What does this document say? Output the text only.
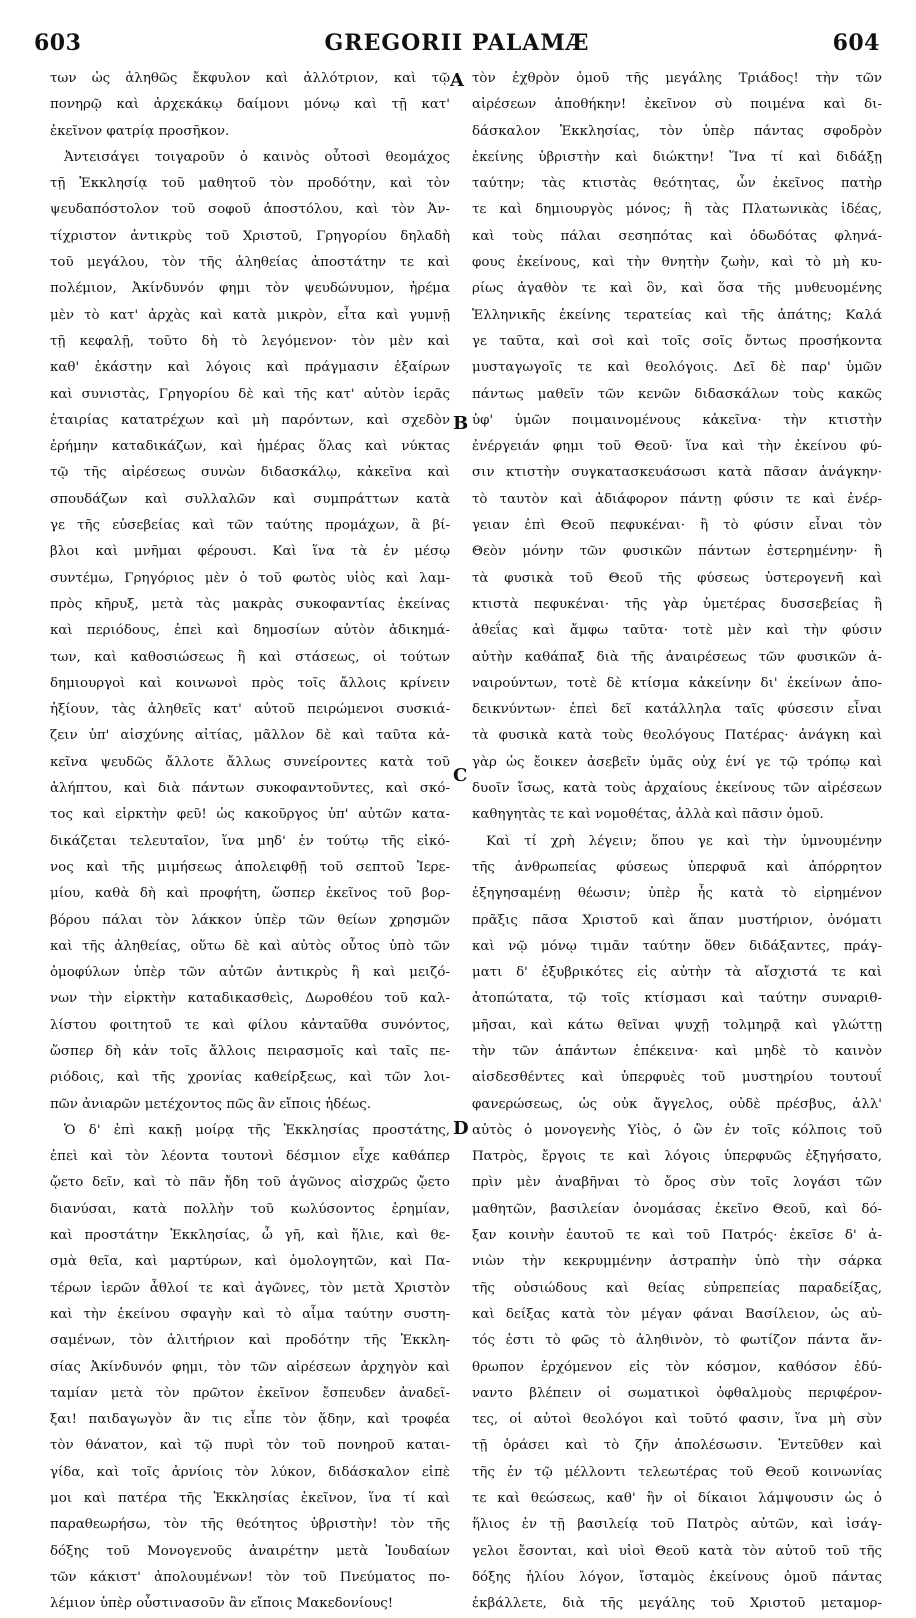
603	GREGORII PALAMÆ	604
των ὡς ἀληθῶς ἔκφυλον καὶ ἀλλότριον, καὶ τῷ
πονηρῷ καὶ ἀρχεκάκῳ δαίμονι μόνῳ καὶ τῇ κατ'
ἐκεῖνον φατρίᾳ προσῆκον.
Ἀντεισάγει τοιγαροῦν ὁ καινὸς οὗτοσὶ θεομάχος
τῇ Ἐκκλησίᾳ τοῦ μαθητοῦ τὸν προδότην, καὶ τὸν
ψευδαπόστολον τοῦ σοφοῦ ἀποστόλου, καὶ τὸν Ἀν-
τίχριστον ἀντικρὺς τοῦ Χριστοῦ, Γρηγορίου δηλαδὴ
τοῦ μεγάλου, τὸν τῆς ἀληθείας ἀποστάτην τε καὶ
πολέμιον, Ἀκίνδυνόν φημι τὸν ψευδώνυμον, ἠρέμα
μὲν τὸ κατ' ἀρχὰς καὶ κατὰ μικρὸν, εἶτα καὶ γυμνῇ
τῇ κεφαλῇ, τοῦτο δὴ τὸ λεγόμενον· τὸν μὲν καὶ
καθ' ἑκάστην καὶ λόγοις καὶ πράγμασιν ἐξαίρων
καὶ συνιστὰς, Γρηγορίου δὲ καὶ τῆς κατ' αὐτὸν ἱερᾶς
ἑταιρίας κατατρέχων καὶ μὴ παρόντων, καὶ σχεδὸν
ἐρήμην καταδικάζων, καὶ ἡμέρας ὅλας καὶ νύκτας
τῷ τῆς αἱρέσεως συνὼν διδασκάλῳ, κἀκεῖνα καὶ
σπουδάζων καὶ συλλαλῶν καὶ συμπράττων κατὰ
γε τῆς εὐσεβείας καὶ τῶν ταύτης προμάχων, ἃ βί-
βλοι καὶ μνῆμαι φέρουσι. Καὶ ἵνα τὰ ἐν μέσῳ
συντέμω, Γρηγόριος μὲν ὁ τοῦ φωτὸς υἱὸς καὶ λαμ-
πρὸς κῆρυξ, μετὰ τὰς μακρὰς συκοφαντίας ἐκείνας
καὶ περιόδους, ἐπεὶ καὶ δημοσίων αὐτὸν ἀδικημά-
των, καὶ καθοσιώσεως ἢ καὶ στάσεως, οἱ τούτων
δημιουργοὶ καὶ κοινωνοὶ πρὸς τοῖς ἄλλοις κρίνειν
ἠξίουν, τὰς ἀληθεῖς κατ' αὐτοῦ πειρώμενοι συσκιά-
ζειν ὑπ' αἰσχύνης αἰτίας, μᾶλλον δὲ καὶ ταῦτα κἀ-
κεῖνα ψευδῶς ἄλλοτε ἄλλως συνείροντες κατὰ τοῦ
ἀλήπτου, καὶ διὰ πάντων συκοφαντοῦντες, καὶ σκό-
τος καὶ εἱρκτὴν φεῦ! ὡς κακοῦργος ὑπ' αὐτῶν κατα-
δικάζεται τελευταῖον, ἵνα μηδ' ἐν τούτῳ τῆς εἰκό-
νος καὶ τῆς μιμήσεως ἀπολειφθῇ τοῦ σεπτοῦ Ἱερε-
μίου, καθὰ δὴ καὶ προφήτη, ὥσπερ ἐκεῖνος τοῦ βορ-
βόρου πάλαι τὸν λάκκον ὑπὲρ τῶν θείων χρησμῶν
καὶ τῆς ἀληθείας, οὕτω δὲ καὶ αὐτὸς οὗτος ὑπὸ τῶν
ὁμοφύλων ὑπὲρ τῶν αὐτῶν ἀντικρὺς ἢ καὶ μειζό-
νων τὴν εἱρκτὴν καταδικασθεὶς, Δωροθέου τοῦ καλ-
λίστου φοιτητοῦ τε καὶ φίλου κἀνταῦθα συνόντος,
ὥσπερ δὴ κἀν τοῖς ἄλλοις πειρασμοῖς καὶ ταῖς πε-
ριόδοις, καὶ τῆς χρονίας καθείρξεως, καὶ τῶν λοι-
πῶν ἀνιαρῶν μετέχοντος πῶς ἂν εἴποις ἡδέως.
Ὁ δ' ἐπὶ κακῇ μοίρᾳ τῆς Ἐκκλησίας προστάτης,
ἐπεὶ καὶ τὸν λέοντα τουτονὶ δέσμιον εἶχε καθάπερ
ᾤετο δεῖν, καὶ τὸ πᾶν ἤδη τοῦ ἀγῶνος αἰσχρῶς ᾤετο
διανύσαι, κατὰ πολλὴν τοῦ κωλύσοντος ἐρημίαν,
καὶ προστάτην Ἐκκλησίας, ὦ γῆ, καὶ ἥλιε, καὶ θε-
σμὰ θεῖα, καὶ μαρτύρων, καὶ ὁμολογητῶν, καὶ Πα-
τέρων ἱερῶν ἆθλοί τε καὶ ἀγῶνες, τὸν μετὰ Χριστὸν
καὶ τὴν ἐκείνου σφαγὴν καὶ τὸ αἷμα ταύτην συστη-
σαμένων, τὸν ἀλιτήριον καὶ προδότην τῆς Ἐκκλη-
σίας Ἀκίνδυνόν φημι, τὸν τῶν αἱρέσεων ἀρχηγὸν καὶ
ταμίαν μετὰ τὸν πρῶτον ἐκεῖνον ἔσπευδεν ἀναδεῖ-
ξαι! παιδαγωγὸν ἂν τις εἶπε τὸν ᾅδην, καὶ τροφέα
τὸν θάνατον, καὶ τῷ πυρὶ τὸν τοῦ πονηροῦ καται-
γίδα, καὶ τοῖς ἀρνίοις τὸν λύκον, διδάσκαλον εἰπὲ
μοι καὶ πατέρα τῆς Ἐκκλησίας ἐκεῖνον, ἵνα τί καὶ
παραθεωρήσω, τὸν τῆς θεότητος ὑβριστὴν! τὸν τῆς
δόξης τοῦ Μονογενοῦς ἀναιρέτην μετὰ Ἰουδαίων
τῶν κάκιστ' ἀπολουμένων! τὸν τοῦ Πνεύματος πο-
λέμιον ὑπὲρ οὖστινασοῦν ἂν εἴποις Μακεδονίους!
τὸν ἐχθρὸν ὁμοῦ τῆς μεγάλης Τριάδος! τὴν τῶν
αἱρέσεων ἀποθήκην! ἐκεῖνον σὺ ποιμένα καὶ δι-
δάσκαλον Ἐκκλησίας, τὸν ὑπὲρ πάντας σφοδρὸν
ἐκείνης ὑβριστὴν καὶ διώκτην! Ἵνα τί καὶ διδάξῃ
ταύτην; τὰς κτιστὰς θεότητας, ὧν ἐκεῖνος πατὴρ
τε καὶ δημιουργὸς μόνος; ἢ τὰς Πλατωνικὰς ἰδέας,
καὶ τοὺς πάλαι σεσηπότας καὶ ὀδωδότας φληνά-
φους ἐκείνους, καὶ τὴν θνητὴν ζωὴν, καὶ τὸ μὴ κυ-
ρίως ἀγαθὸν τε καὶ ὂν, καὶ ὅσα τῆς μυθευομένης
Ἑλληνικῆς ἐκείνης τερατείας καὶ τῆς ἀπάτης; Καλά
γε ταῦτα, καὶ σοὶ καὶ τοῖς σοῖς ὄντως προσήκοντα
μυσταγωγοῖς τε καὶ θεολόγοις. Δεῖ δὲ παρ' ὑμῶν
πάντως μαθεῖν τῶν κενῶν διδασκάλων τοὺς κακῶς
ὑφ' ὑμῶν ποιμαινομένους κἀκεῖνα· τὴν κτιστὴν
ἐνέργειάν φημι τοῦ Θεοῦ· ἵνα καὶ τὴν ἐκείνου φύ-
σιν κτιστὴν συγκατασκευάσωσι κατὰ πᾶσαν ἀνάγκην·
τὸ ταυτὸν καὶ ἀδιάφορον πάντῃ φύσιν τε καὶ ἐνέρ-
γειαν ἐπὶ Θεοῦ πεφυκέναι· ἢ τὸ φύσιν εἶναι τὸν
Θεὸν μόνην τῶν φυσικῶν πάντων ἐστερημένην· ἢ
τὰ φυσικὰ τοῦ Θεοῦ τῆς φύσεως ὑστερογενῆ καὶ
κτιστὰ πεφυκέναι· τῆς γὰρ ὑμετέρας δυσσεβείας ἢ
ἀθεΐας καὶ ἄμφω ταῦτα· τοτὲ μὲν καὶ τὴν φύσιν
αὐτὴν καθάπαξ διὰ τῆς ἀναιρέσεως τῶν φυσικῶν ἀ-
ναιρούντων, τοτὲ δὲ κτίσμα κἀκείνην δι' ἐκείνων ἀπο-
δεικνύντων· ἐπεὶ δεῖ κατάλληλα ταῖς φύσεσιν εἶναι
τὰ φυσικὰ κατὰ τοὺς θεολόγους Πατέρας· ἀνάγκη καὶ
γὰρ ὡς ἔοικεν ἀσεβεῖν ὑμᾶς οὐχ ἑνί γε τῷ τρόπῳ καὶ
δυοῖν ἴσως, κατὰ τοὺς ἀρχαίους ἐκείνους τῶν αἱρέσεων
καθηγητὰς τε καὶ νομοθέτας, ἀλλὰ καὶ πᾶσιν ὁμοῦ.
Καὶ τί χρὴ λέγειν; ὅπου γε καὶ τὴν ὑμνουμένην
τῆς ἀνθρωπείας φύσεως ὑπερφυᾶ καὶ ἀπόρρητον
ἐξηγησαμένῃ θέωσιν; ὑπὲρ ἧς κατὰ τὸ εἰρημένον
πρᾶξις πᾶσα Χριστοῦ καὶ ἅπαν μυστήριον, ὀνόματι
καὶ νῷ μόνῳ τιμᾶν ταύτην ὅθεν διδάξαντες, πράγ-
ματι δ' ἐξυβρικότες εἰς αὐτὴν τὰ αἴσχιστά τε καὶ
ἀτοπώτατα, τῷ τοῖς κτίσμασι καὶ ταύτην συναριθ-
μῆσαι, καὶ κάτω θεῖναι ψυχῇ τολμηρᾷ καὶ γλώττῃ
τὴν τῶν ἁπάντων ἐπέκεινα· καὶ μηδὲ τὸ καινὸν
αἰσδεσθέντες καὶ ὑπερφυὲς τοῦ μυστηρίου τουτουΐ
φανερώσεως, ὡς οὐκ ἄγγελος, οὐδὲ πρέσβυς, ἀλλ'
αὐτὸς ὁ μονογενὴς Υἱὸς, ὁ ὢν ἐν τοῖς κόλποις τοῦ
Πατρὸς, ἔργοις τε καὶ λόγοις ὑπερφυῶς ἐξηγήσατο,
πρὶν μὲν ἀναβῆναι τὸ ὄρος σὺν τοῖς λογάσι τῶν
μαθητῶν, βασιλείαν ὀνομάσας ἐκεῖνο Θεοῦ, καὶ δό-
ξαν κοινὴν ἑαυτοῦ τε καὶ τοῦ Πατρός· ἐκεῖσε δ' ἀ-
νιὼν τὴν κεκρυμμένην ἀστραπὴν ὑπὸ τὴν σάρκα
τῆς οὐσιώδους καὶ θείας εὐπρεπείας παραδείξας,
καὶ δείξας κατὰ τὸν μέγαν φάναι Βασίλειον, ὡς αὐ-
τός ἐστι τὸ φῶς τὸ ἀληθινὸν, τὸ φωτίζον πάντα ἄν-
θρωπον ἐρχόμενον εἰς τὸν κόσμον, καθόσον ἐδύ-
ναντο βλέπειν οἱ σωματικοὶ ὀφθαλμοὺς περιφέρον-
τες, οἱ αὐτοὶ θεολόγοι καὶ τοῦτό φασιν, ἵνα μὴ σὺν
τῇ ὁράσει καὶ τὸ ζῆν ἀπολέσωσιν. Ἐντεῦθεν καὶ
τῆς ἐν τῷ μέλλοντι τελεωτέρας τοῦ Θεοῦ κοινωνίας
τε καὶ θεώσεως, καθ' ἣν οἱ δίκαιοι λάμψουσιν ὡς ὁ
ἥλιος ἐν τῇ βασιλείᾳ τοῦ Πατρὸς αὐτῶν, καὶ ἰσάγ-
γελοι ἔσονται, καὶ υἱοὶ Θεοῦ κατὰ τὸν αὐτοῦ τοῦ τῆς
δόξης ἡλίου λόγον, ἴσταμὸς ἐκείνους ὁμοῦ πάντας
ἐκβάλλετε, διὰ τῆς μεγάλης τοῦ Χριστοῦ μεταμορ-
A
B
C
D
